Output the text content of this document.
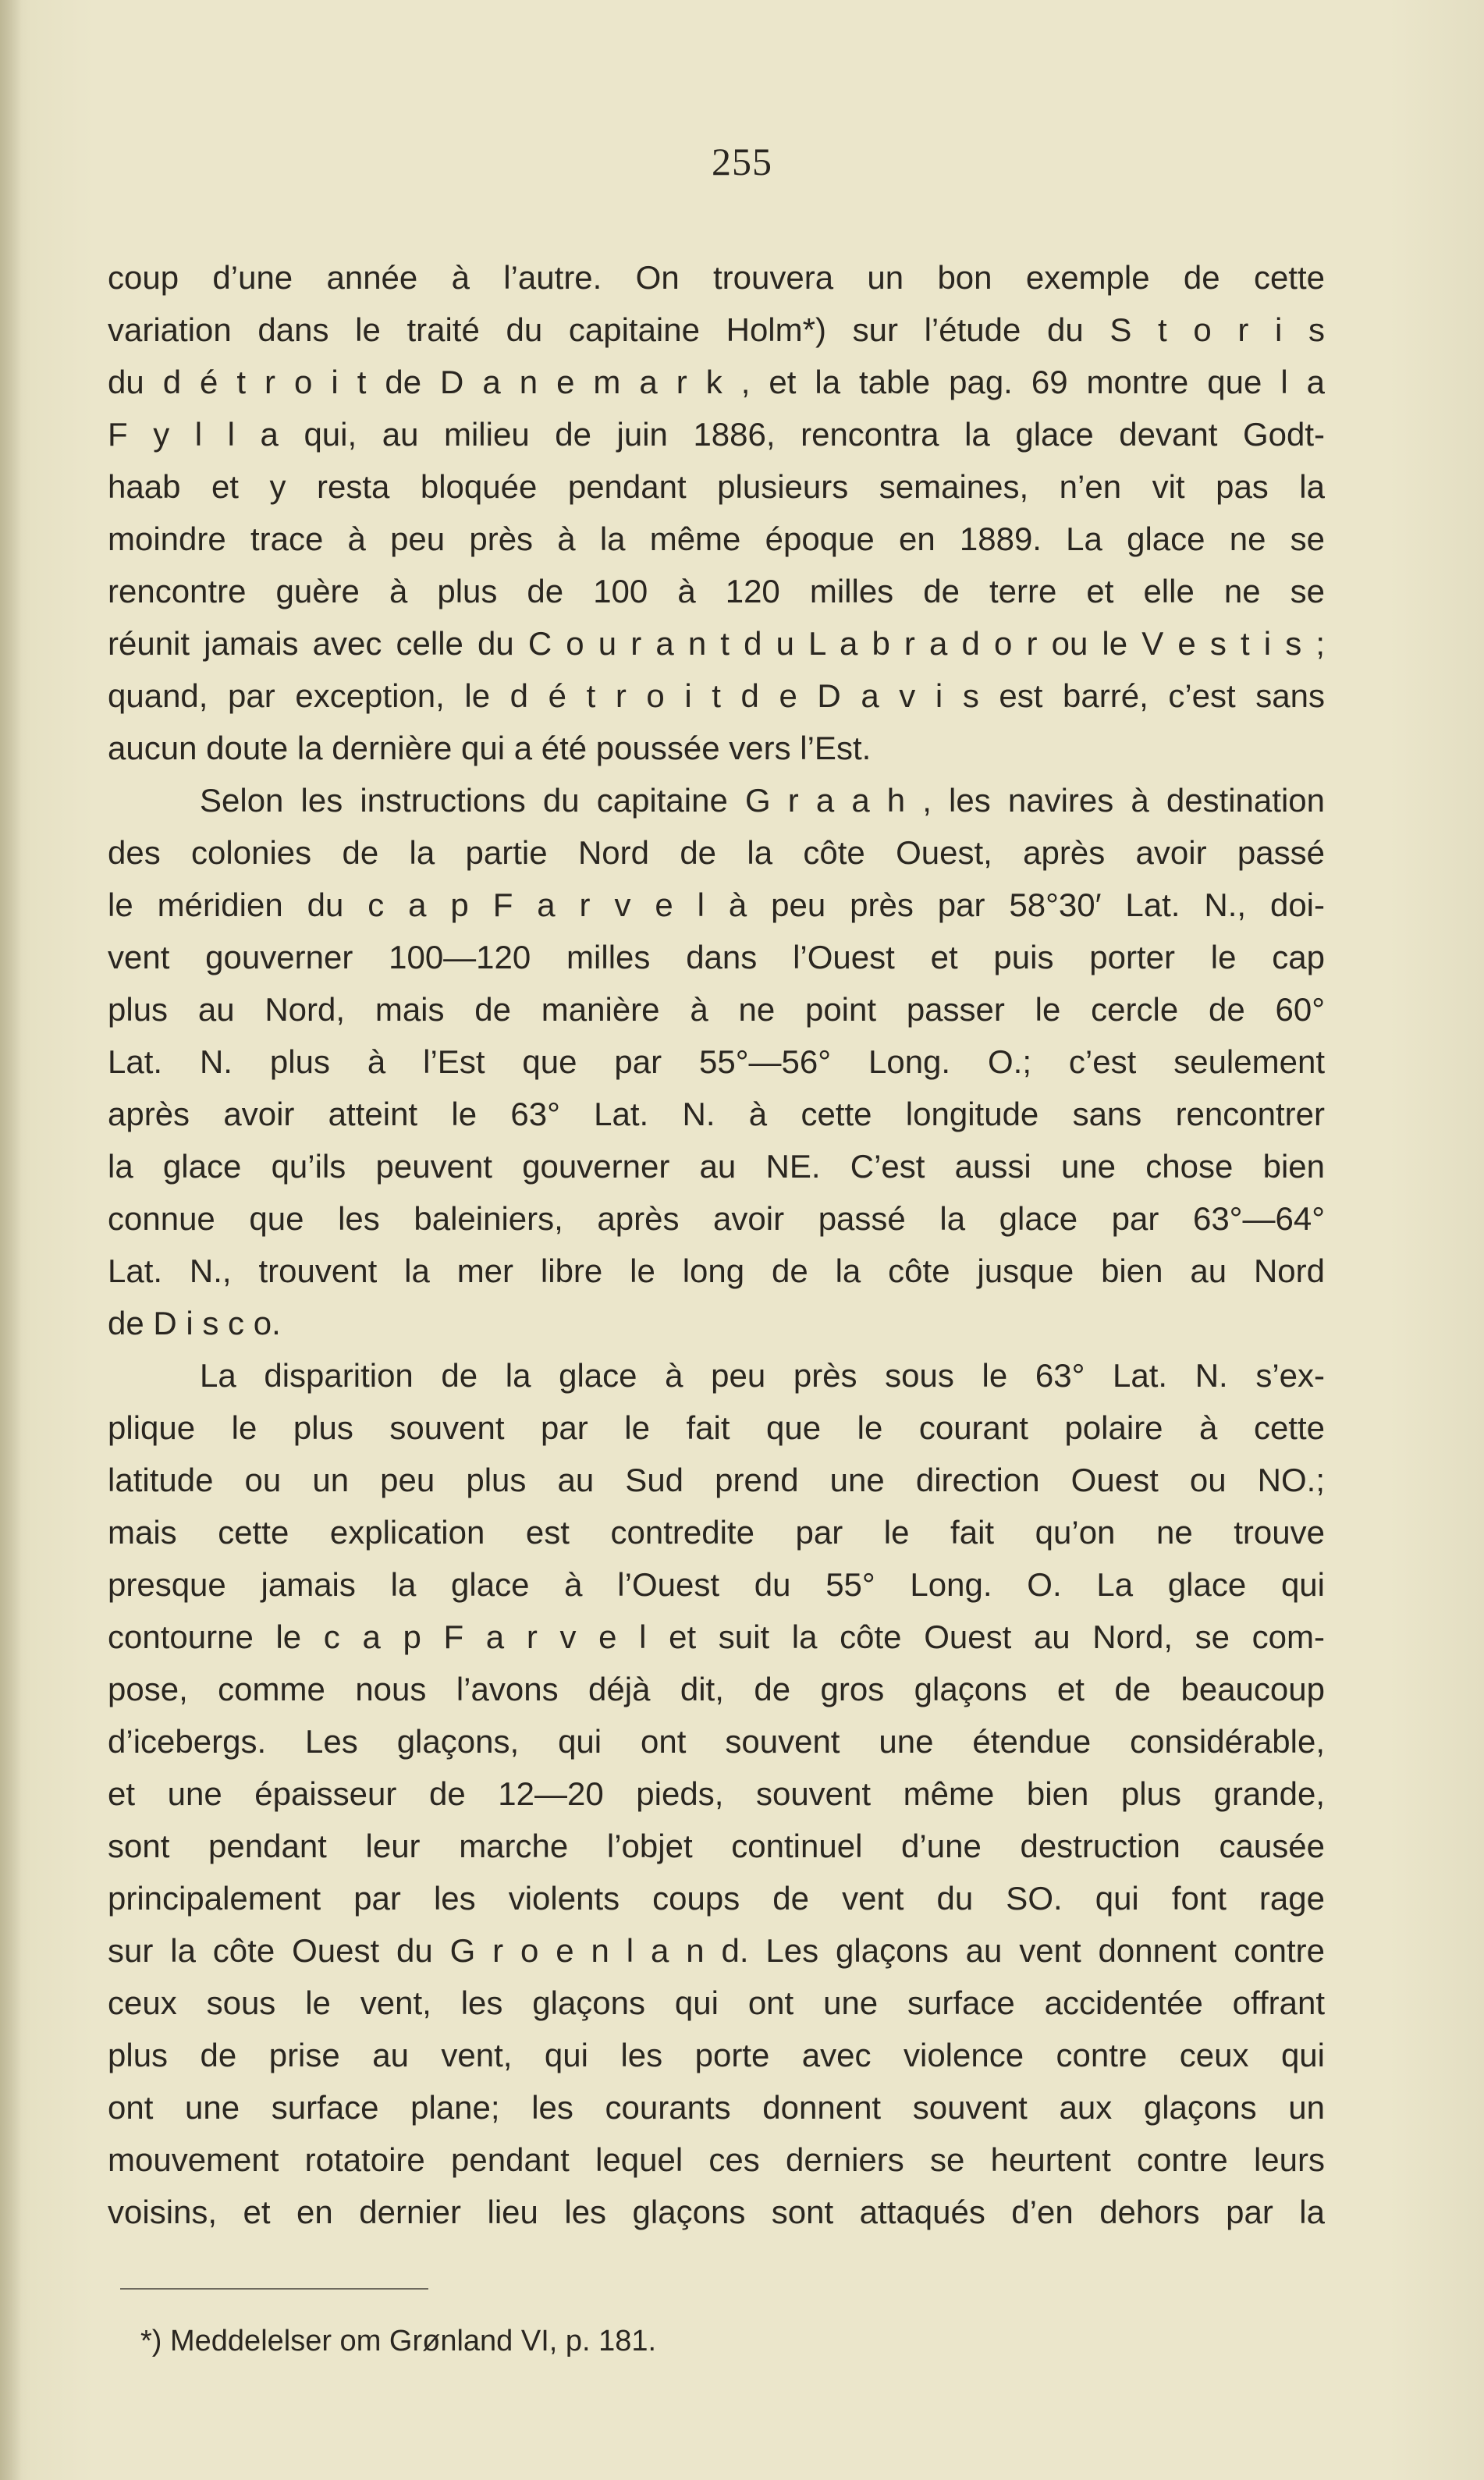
255
coup d’une année à l’autre. On trouvera un bon exemple de cette
variation dans le traité du capitaine Holm*) sur l’étude du S t o r i s
du d é t r o i t de D a n e m a r k , et la table pag. 69 montre que l a
F y l l a qui, au milieu de juin 1886, rencontra la glace devant Godt-
haab et y resta bloquée pendant plusieurs semaines, n’en vit pas la
moindre trace à peu près à la même époque en 1889. La glace ne se
rencontre guère à plus de 100 à 120 milles de terre et elle ne se
réunit jamais avec celle du C o u r a n t d u L a b r a d o r ou le V e s t i s ;
quand, par exception, le d é t r o i t d e D a v i s est barré, c’est sans
aucun doute la dernière qui a été poussée vers l’Est.
Selon les instructions du capitaine G r a a h , les navires à destination
des colonies de la partie Nord de la côte Ouest, après avoir passé
le méridien du c a p F a r v e l à peu près par 58°30′ Lat. N., doi-
vent gouverner 100—120 milles dans l’Ouest et puis porter le cap
plus au Nord, mais de manière à ne point passer le cercle de 60°
Lat. N. plus à l’Est que par 55°—56° Long. O.; c’est seulement
après avoir atteint le 63° Lat. N. à cette longitude sans rencontrer
la glace qu’ils peuvent gouverner au NE. C’est aussi une chose bien
connue que les baleiniers, après avoir passé la glace par 63°—64°
Lat. N., trouvent la mer libre le long de la côte jusque bien au Nord
de D i s c o.
La disparition de la glace à peu près sous le 63° Lat. N. s’ex-
plique le plus souvent par le fait que le courant polaire à cette
latitude ou un peu plus au Sud prend une direction Ouest ou NO.;
mais cette explication est contredite par le fait qu’on ne trouve
presque jamais la glace à l’Ouest du 55° Long. O. La glace qui
contourne le c a p F a r v e l et suit la côte Ouest au Nord, se com-
pose, comme nous l’avons déjà dit, de gros glaçons et de beaucoup
d’icebergs. Les glaçons, qui ont souvent une étendue considérable,
et une épaisseur de 12—20 pieds, souvent même bien plus grande,
sont pendant leur marche l’objet continuel d’une destruction causée
principalement par les violents coups de vent du SO. qui font rage
sur la côte Ouest du G r o e n l a n d. Les glaçons au vent donnent contre
ceux sous le vent, les glaçons qui ont une surface accidentée offrant
plus de prise au vent, qui les porte avec violence contre ceux qui
ont une surface plane; les courants donnent souvent aux glaçons un
mouvement rotatoire pendant lequel ces derniers se heurtent contre leurs
voisins, et en dernier lieu les glaçons sont attaqués d’en dehors par la
*) Meddelelser om Grønland VI, p. 181.
